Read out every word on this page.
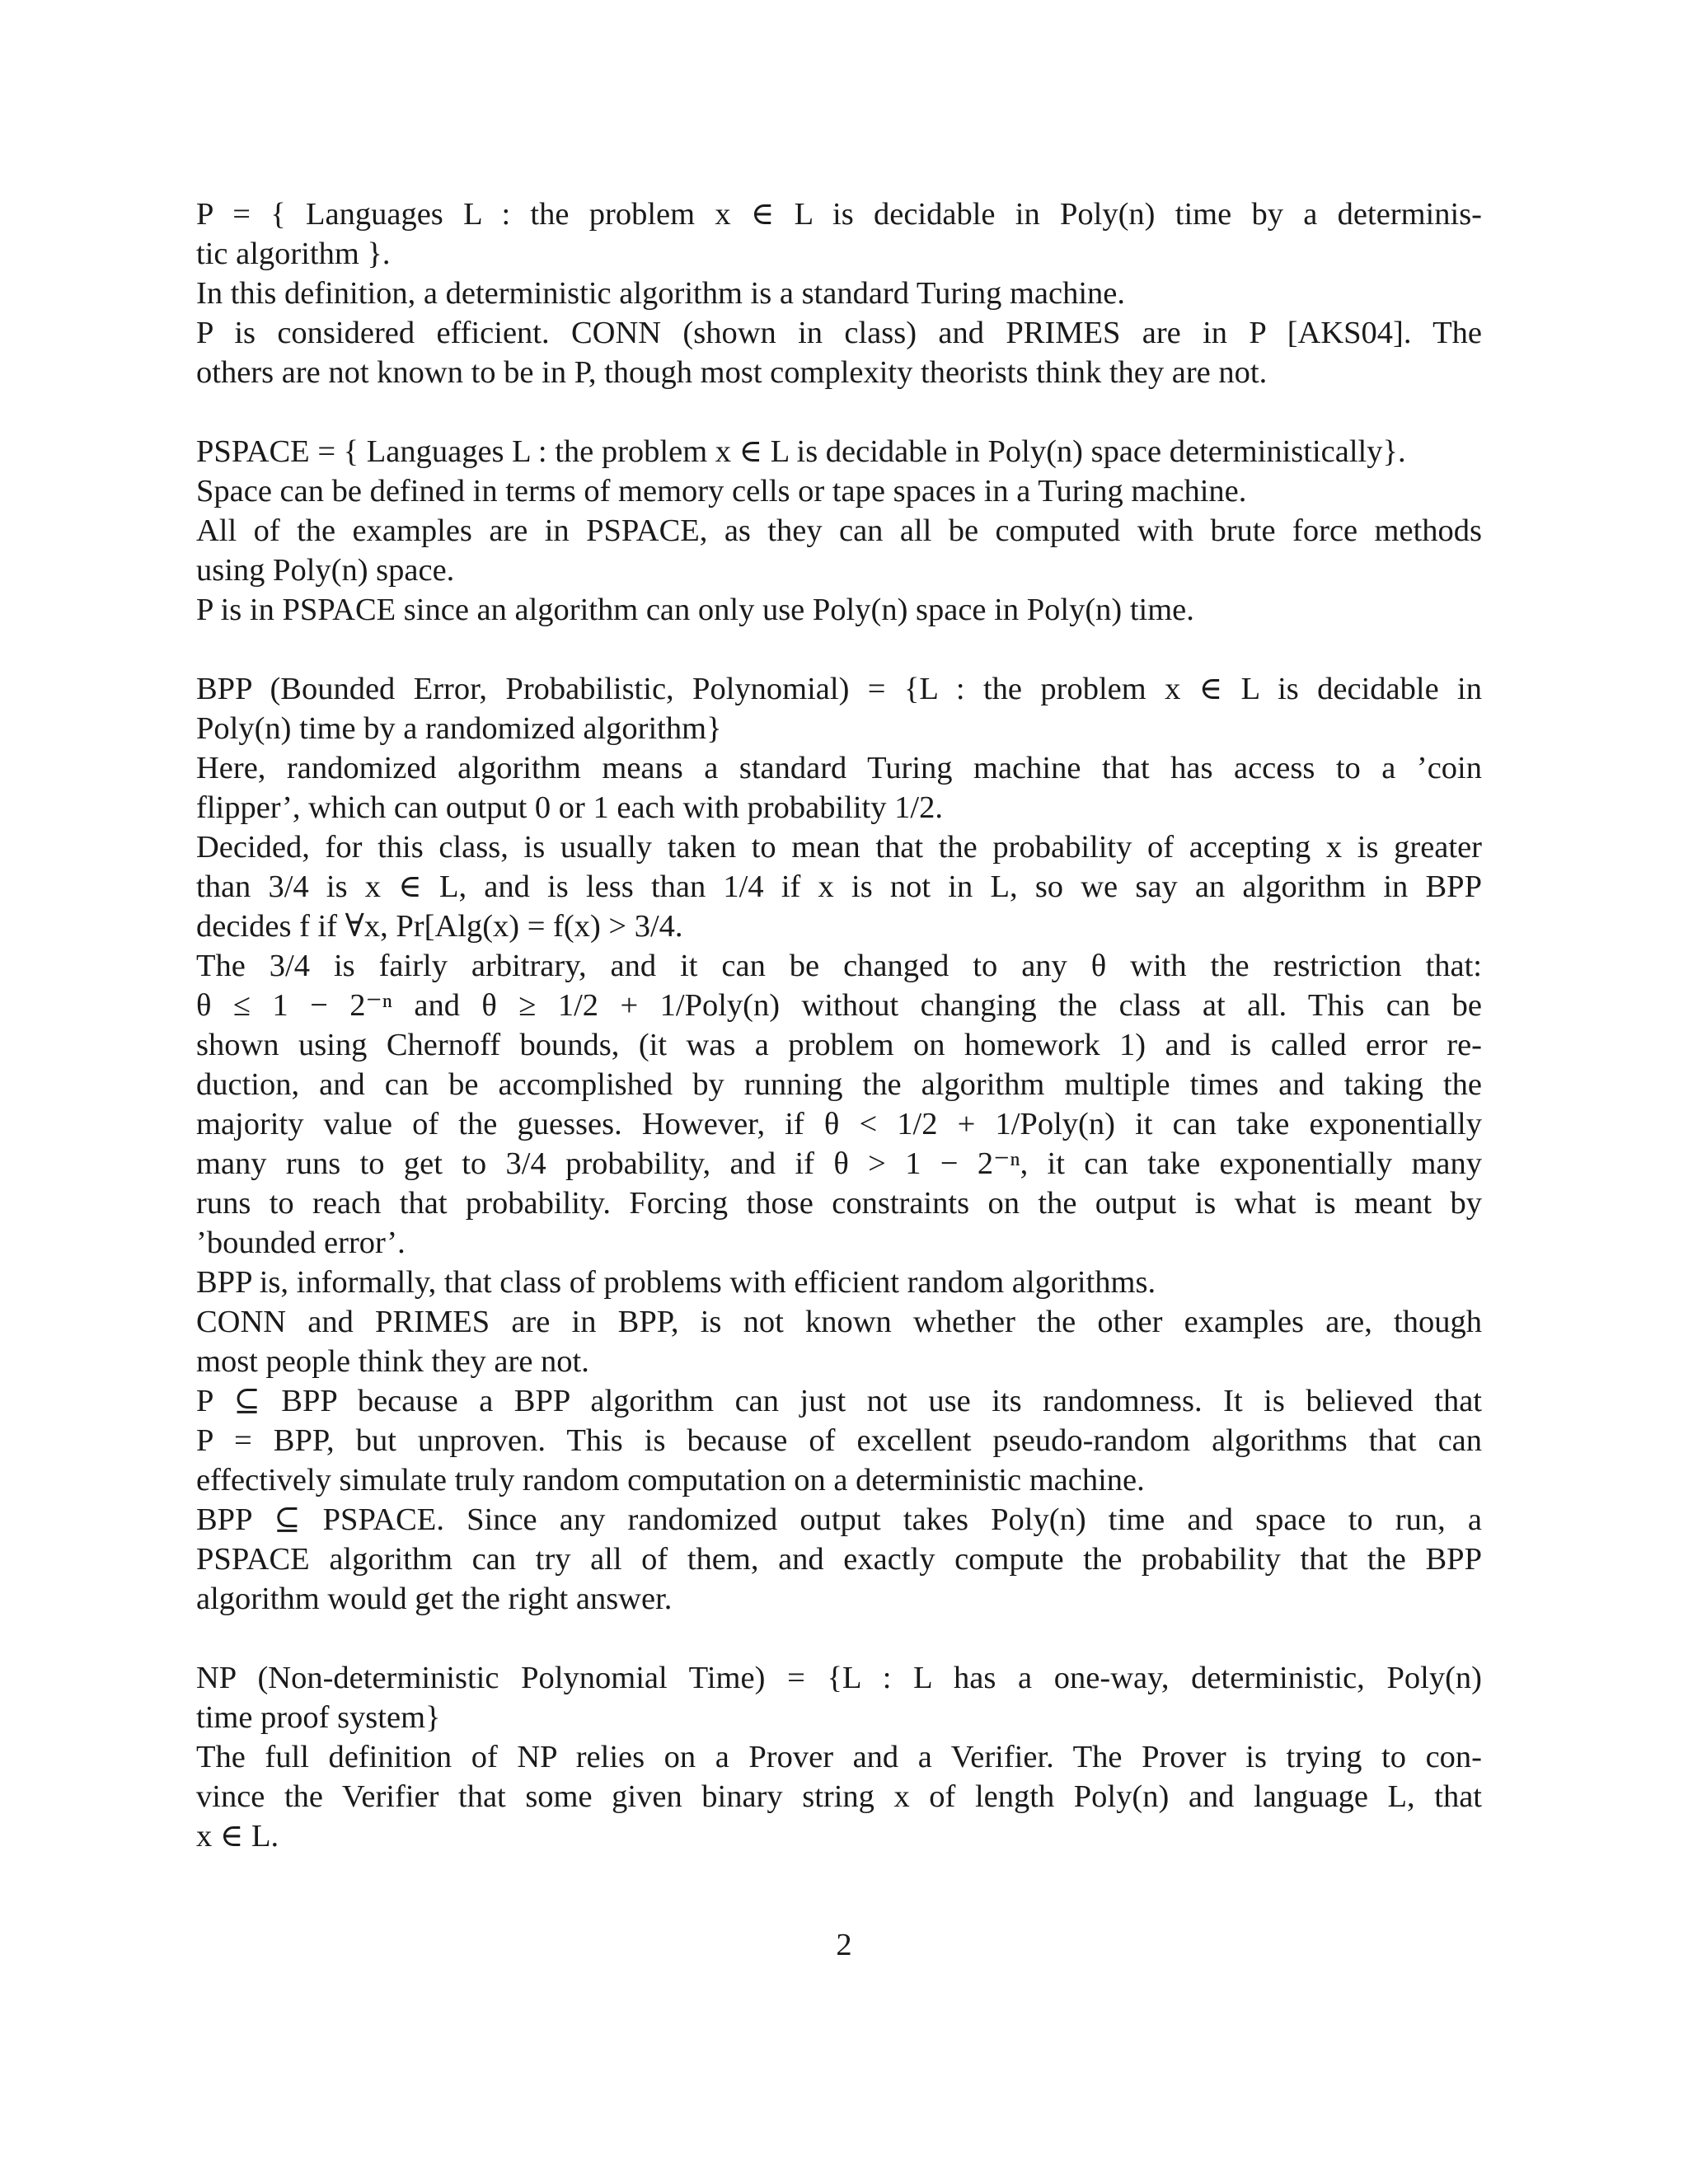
P = { Languages L : the problem x ∈ L is decidable in Poly(n) time by a determinis-
tic algorithm }.
In this definition, a deterministic algorithm is a standard Turing machine.
P is considered efficient. CONN (shown in class) and PRIMES are in P [AKS04]. The
others are not known to be in P, though most complexity theorists think they are not.
PSPACE = { Languages L : the problem x ∈ L is decidable in Poly(n) space deterministically}.
Space can be defined in terms of memory cells or tape spaces in a Turing machine.
All of the examples are in PSPACE, as they can all be computed with brute force methods
using Poly(n) space.
P is in PSPACE since an algorithm can only use Poly(n) space in Poly(n) time.
BPP (Bounded Error, Probabilistic, Polynomial) = {L : the problem x ∈ L is decidable in
Poly(n) time by a randomized algorithm}
Here, randomized algorithm means a standard Turing machine that has access to a ’coin
flipper’, which can output 0 or 1 each with probability 1/2.
Decided, for this class, is usually taken to mean that the probability of accepting x is greater
than 3/4 is x ∈ L, and is less than 1/4 if x is not in L, so we say an algorithm in BPP
decides f if ∀x, Pr[Alg(x) = f(x) > 3/4.
The 3/4 is fairly arbitrary, and it can be changed to any θ with the restriction that:
θ ≤ 1 − 2⁻ⁿ and θ ≥ 1/2 + 1/Poly(n) without changing the class at all. This can be
shown using Chernoff bounds, (it was a problem on homework 1) and is called error re-
duction, and can be accomplished by running the algorithm multiple times and taking the
majority value of the guesses. However, if θ < 1/2 + 1/Poly(n) it can take exponentially
many runs to get to 3/4 probability, and if θ > 1 − 2⁻ⁿ, it can take exponentially many
runs to reach that probability. Forcing those constraints on the output is what is meant by
’bounded error’.
BPP is, informally, that class of problems with efficient random algorithms.
CONN and PRIMES are in BPP, is not known whether the other examples are, though
most people think they are not.
P ⊆ BPP because a BPP algorithm can just not use its randomness. It is believed that
P = BPP, but unproven. This is because of excellent pseudo-random algorithms that can
effectively simulate truly random computation on a deterministic machine.
BPP ⊆ PSPACE. Since any randomized output takes Poly(n) time and space to run, a
PSPACE algorithm can try all of them, and exactly compute the probability that the BPP
algorithm would get the right answer.
NP (Non-deterministic Polynomial Time) = {L : L has a one-way, deterministic, Poly(n)
time proof system}
The full definition of NP relies on a Prover and a Verifier. The Prover is trying to con-
vince the Verifier that some given binary string x of length Poly(n) and language L, that
x ∈ L.
2
